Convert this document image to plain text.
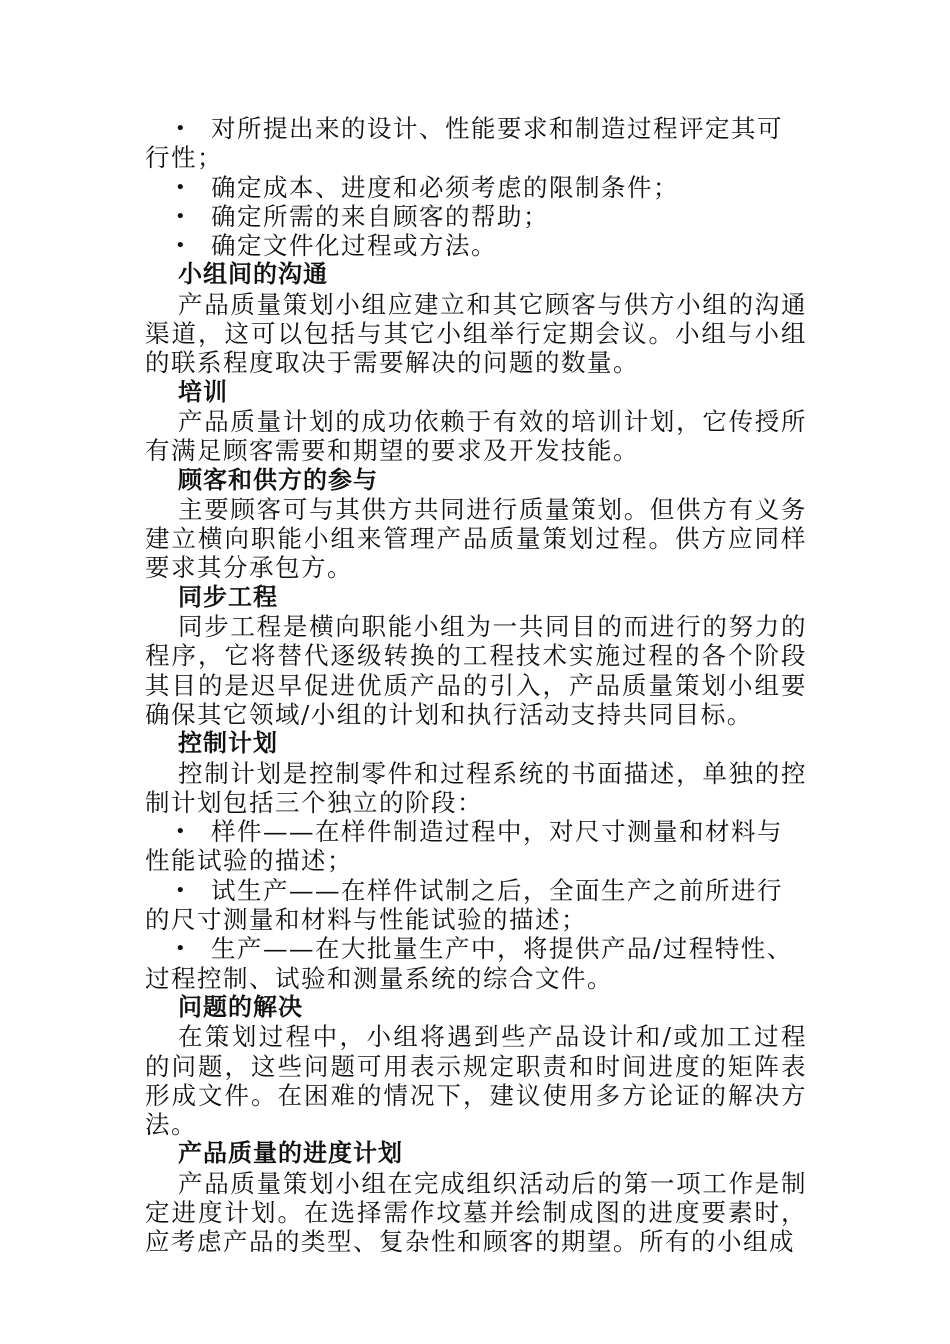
• 对所提出来的设计、性能要求和制造过程评定其可行性；

• 确定成本、进度和必须考虑的限制条件；

• 确定所需的来自顾客的帮助；

• 确定文件化过程或方法。

小组间的沟通

产品质量策划小组应建立和其它顾客与供方小组的沟通渠道，这可以包括与其它小组举行定期会议。小组与小组的联系程度取决于需要解决的问题的数量。

培训

产品质量计划的成功依赖于有效的培训计划，它传授所有满足顾客需要和期望的要求及开发技能。

顾客和供方的参与

主要顾客可与其供方共同进行质量策划。但供方有义务建立横向职能小组来管理产品质量策划过程。供方应同样要求其分承包方。

同步工程

同步工程是横向职能小组为一共同目的而进行的努力的程序，它将替代逐级转换的工程技术实施过程的各个阶段其目的是迟早促进优质产品的引入，产品质量策划小组要确保其它领域/小组的计划和执行活动支持共同目标。

控制计划

控制计划是控制零件和过程系统的书面描述，单独的控制计划包括三个独立的阶段：

• 样件——在样件制造过程中，对尺寸测量和材料与性能试验的描述；

• 试生产——在样件试制之后，全面生产之前所进行的尺寸测量和材料与性能试验的描述；

• 生产——在大批量生产中，将提供产品/过程特性、过程控制、试验和测量系统的综合文件。

问题的解决

在策划过程中，小组将遇到些产品设计和/或加工过程的问题，这些问题可用表示规定职责和时间进度的矩阵表形成文件。在困难的情况下，建议使用多方论证的解决方法。

产品质量的进度计划

产品质量策划小组在完成组织活动后的第一项工作是制定进度计划。在选择需作坟墓并绘制成图的进度要素时，应考虑产品的类型、复杂性和顾客的期望。所有的小组成
